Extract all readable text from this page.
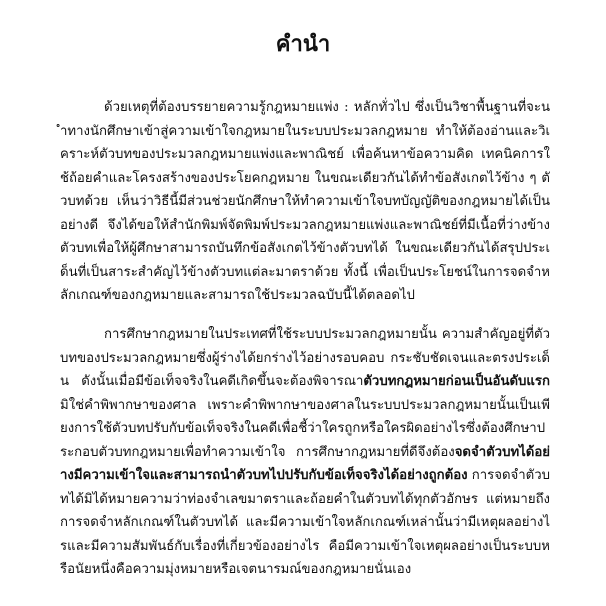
คำนำ

ด้วยเหตุที่ต้องบรรยายความรู้กฎหมายแพ่ง : หลักทั่วไป ซึ่งเป็นวิชาพื้นฐานที่จะนำทางนักศึกษาเข้าสู่ความเข้าใจกฎหมายในระบบประมวลกฎหมาย ทำให้ต้องอ่านและวิเคราะห์ตัวบทของประมวลกฎหมายแพ่งและพาณิชย์ เพื่อค้นหาข้อความคิด เทคนิคการใช้ถ้อยคำและโครงสร้างของประโยคกฎหมาย ในขณะเดียวกันได้ทำข้อสังเกตไว้ข้าง ๆ ตัวบทด้วย เห็นว่าวิธีนี้มีส่วนช่วยนักศึกษาให้ทำความเข้าใจบทบัญญัติของกฎหมายได้เป็นอย่างดี จึงได้ขอให้สำนักพิมพ์จัดพิมพ์ประมวลกฎหมายแพ่งและพาณิชย์ที่มีเนื้อที่ว่างข้างตัวบทเพื่อให้ผู้ศึกษาสามารถบันทึกข้อสังเกตไว้ข้างตัวบทได้ ในขณะเดียวกันได้สรุปประเด็นที่เป็นสาระสำคัญไว้ข้างตัวบทแต่ละมาตราด้วย ทั้งนี้ เพื่อเป็นประโยชน์ในการจดจำหลักเกณฑ์ของกฎหมายและสามารถใช้ประมวลฉบับนี้ได้ตลอดไป

การศึกษากฎหมายในประเทศที่ใช้ระบบประมวลกฎหมายนั้น ความสำคัญอยู่ที่ตัวบทของประมวลกฎหมายซึ่งผู้ร่างได้ยกร่างไว้อย่างรอบคอบ กระชับชัดเจนและตรงประเด็น ดังนั้นเมื่อมีข้อเท็จจริงในคดีเกิดขึ้นจะต้องพิจารณาตัวบทกฎหมายก่อนเป็นอันดับแรก มิใช่คำพิพากษาของศาล เพราะคำพิพากษาของศาลในระบบประมวลกฎหมายนั้นเป็นเพียงการใช้ตัวบทปรับกับข้อเท็จจริงในคดีเพื่อชี้ว่าใครถูกหรือใครผิดอย่างไรซึ่งต้องศึกษาประกอบตัวบทกฎหมายเพื่อทำความเข้าใจ การศึกษากฎหมายที่ดีจึงต้องจดจำตัวบทได้อย่างมีความเข้าใจและสามารถนำตัวบทไปปรับกับข้อเท็จจริงได้อย่างถูกต้อง การจดจำตัวบทได้มิได้หมายความว่าท่องจำเลขมาตราและถ้อยคำในตัวบทได้ทุกตัวอักษร แต่หมายถึงการจดจำหลักเกณฑ์ในตัวบทได้ และมีความเข้าใจหลักเกณฑ์เหล่านั้นว่ามีเหตุผลอย่างไรและมีความสัมพันธ์กับเรื่องที่เกี่ยวข้องอย่างไร คือมีความเข้าใจเหตุผลอย่างเป็นระบบหรือนัยหนึ่งคือความมุ่งหมายหรือเจตนารมณ์ของกฎหมายนั่นเอง
